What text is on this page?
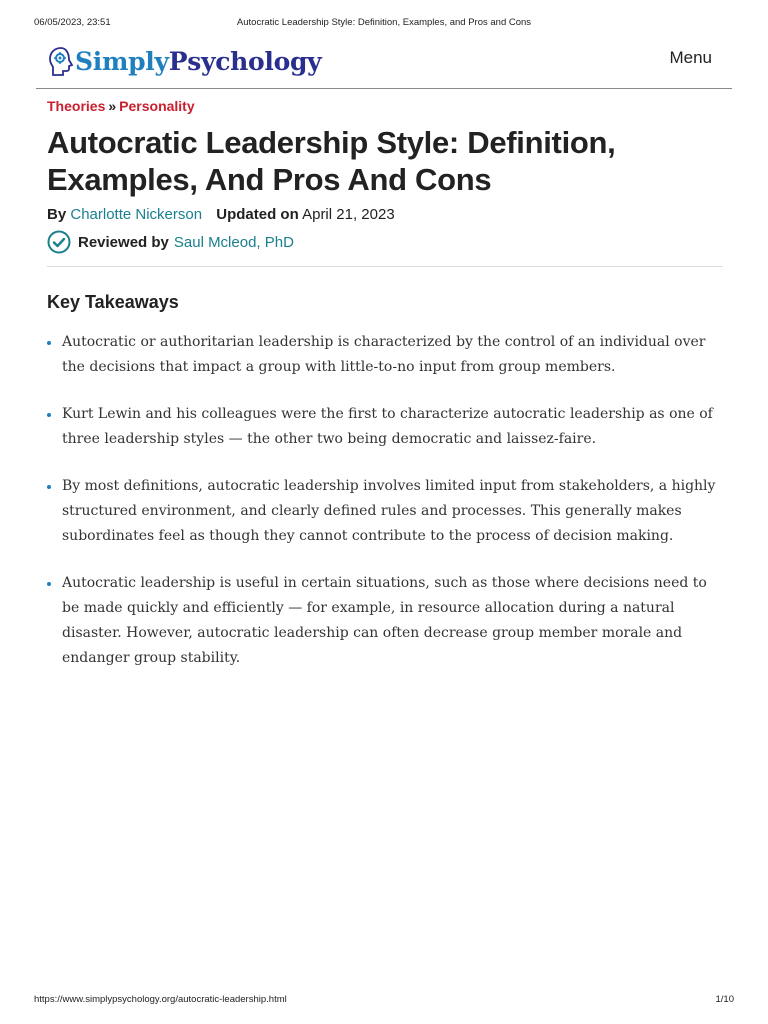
06/05/2023, 23:51	Autocratic Leadership Style: Definition, Examples, and Pros and Cons
SimplyPsychology	Menu
Theories » Personality
Autocratic Leadership Style: Definition, Examples, And Pros And Cons
By Charlotte Nickerson Updated on April 21, 2023
Reviewed by Saul Mcleod, PhD
Key Takeaways
Autocratic or authoritarian leadership is characterized by the control of an individual over the decisions that impact a group with little-to-no input from group members.
Kurt Lewin and his colleagues were the first to characterize autocratic leadership as one of three leadership styles — the other two being democratic and laissez-faire.
By most definitions, autocratic leadership involves limited input from stakeholders, a highly structured environment, and clearly defined rules and processes. This generally makes subordinates feel as though they cannot contribute to the process of decision making.
Autocratic leadership is useful in certain situations, such as those where decisions need to be made quickly and efficiently — for example, in resource allocation during a natural disaster. However, autocratic leadership can often decrease group member morale and endanger group stability.
https://www.simplypsychology.org/autocratic-leadership.html	1/10
